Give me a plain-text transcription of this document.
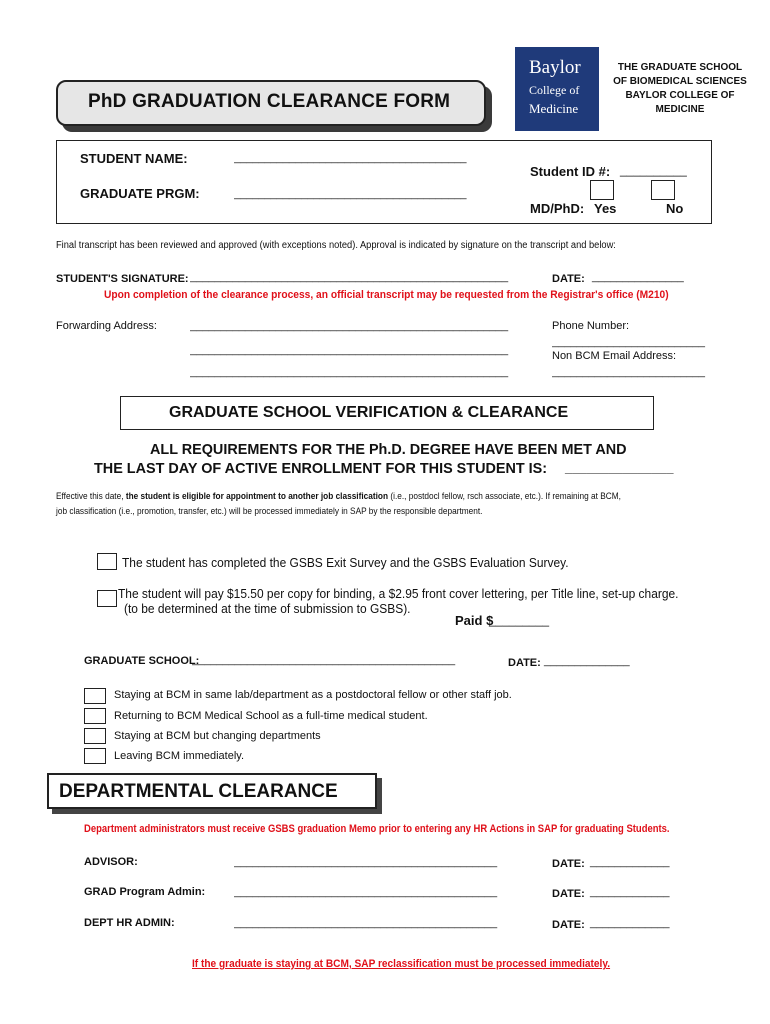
PhD GRADUATION CLEARANCE FORM
Baylor
College of
Medicine
THE GRADUATE SCHOOL OF BIOMEDICAL SCIENCES BAYLOR COLLEGE OF MEDICINE
STUDENT NAME:	______________________________________
GRADUATE PRGM:	______________________________________
Student ID #: __________
MD/PhD: Yes	No
Final transcript has been reviewed and approved (with exceptions noted). Approval is indicated by signature on the transcript and below:
STUDENT'S SIGNATURE: ____________________________________________________	DATE: _______________
Upon completion of the clearance process, an official transcript may be requested from the Registrar's office (M210)
Forwarding Address:	____________________________________________________
____________________________________________________
____________________________________________________
Phone Number:
_________________________
Non BCM Email Address:
_________________________
GRADUATE SCHOOL VERIFICATION & CLEARANCE
ALL REQUIREMENTS FOR THE Ph.D. DEGREE HAVE BEEN MET AND
THE LAST DAY OF ACTIVE ENROLLMENT FOR THIS STUDENT IS: _______________
Effective this date, the student is eligible for appointment to another job classification (i.e., postdocl fellow, rsch associate, etc.). If remaining at BCM,
job classification (i.e., promotion, transfer, etc.) will be processed immediately in SAP by the responsible department.
The student has completed the GSBS Exit Survey and the GSBS Evaluation Survey.
The student will pay $15.50 per copy for binding, a $2.95 front cover lettering, per Title line, set-up charge.
(to be determined at the time of submission to GSBS).
Paid $
_________
GRADUATE SCHOOL:
___________________________________________	DATE: ______________
Staying at BCM in same lab/department as a postdoctoral fellow or other staff job.
Returning to BCM Medical School as a full-time medical student.
Staying at BCM but changing departments
Leaving BCM immediately.
DEPARTMENTAL CLEARANCE
Department administrators must receive GSBS graduation Memo prior to entering any HR Actions in SAP for graduating Students.
ADVISOR:	___________________________________________	DATE: _____________
GRAD Program Admin:	___________________________________________	DATE: _____________
DEPT HR ADMIN:	___________________________________________	DATE: _____________
If the graduate is staying at BCM, SAP reclassification must be processed immediately.
